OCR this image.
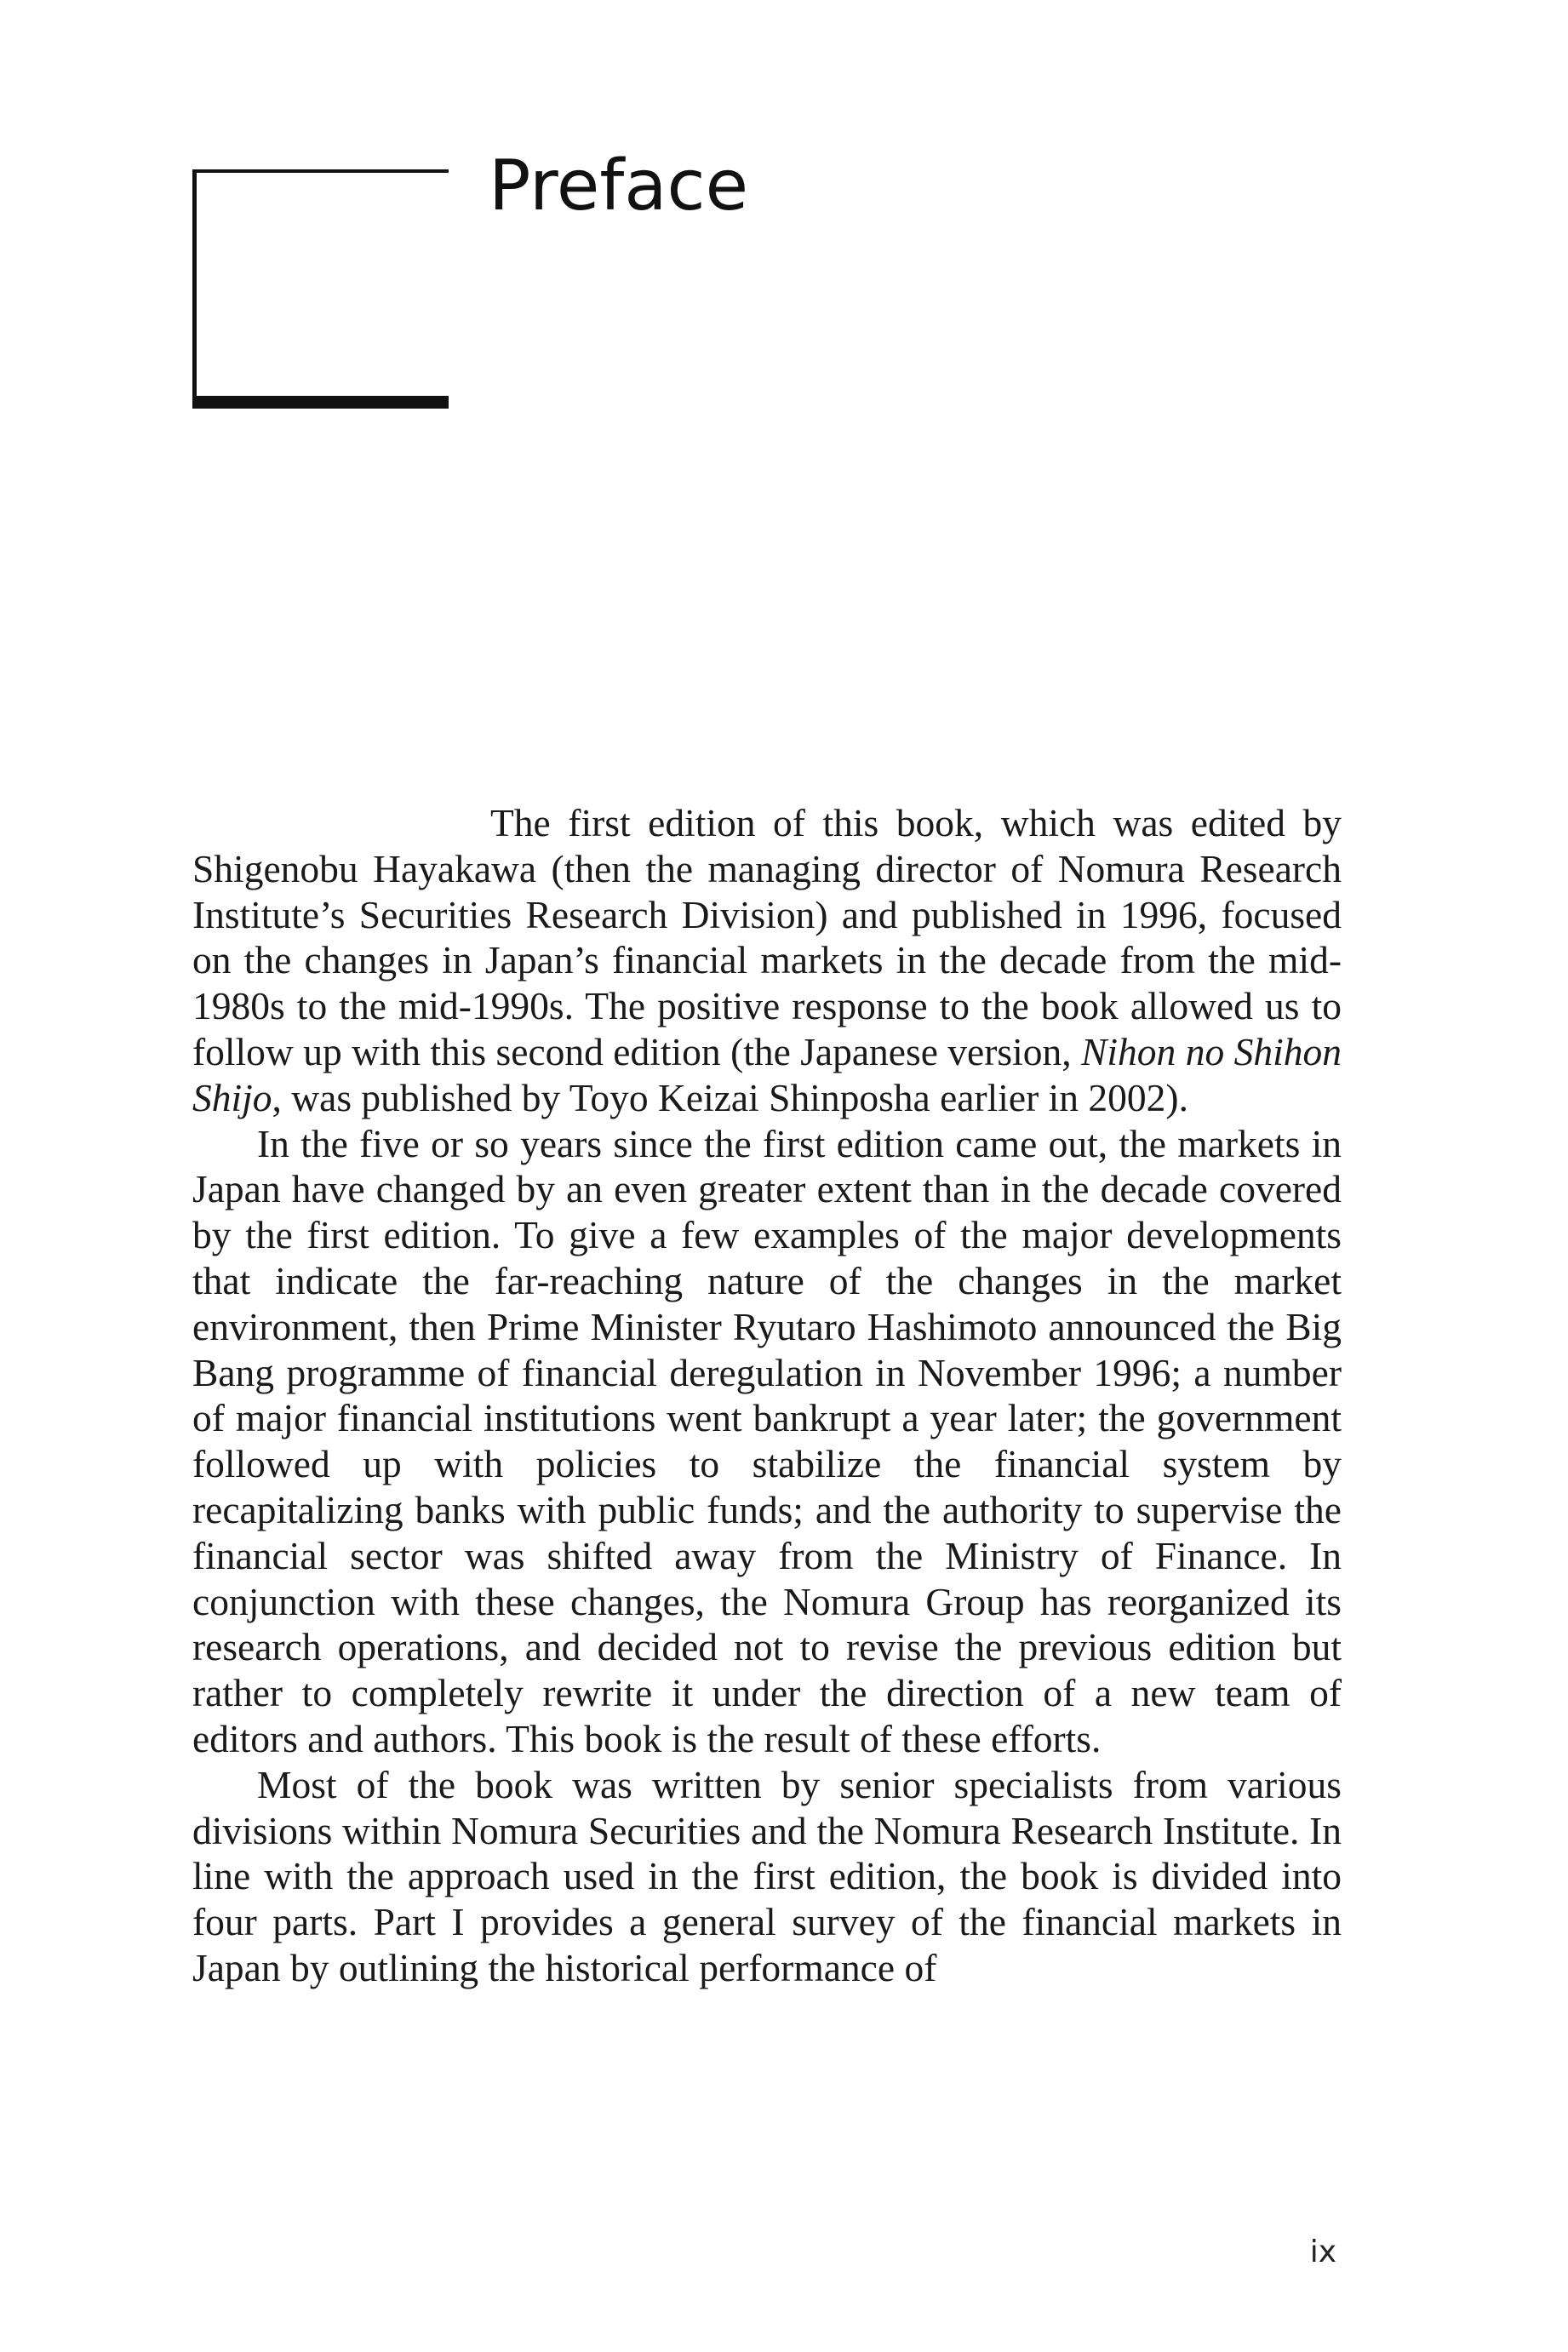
Preface

The first edition of this book, which was edited by Shigenobu Hayakawa (then the managing director of Nomura Research Institute’s Securities Research Division) and published in 1996, focused on the changes in Japan’s financial markets in the decade from the mid-1980s to the mid-1990s. The positive response to the book allowed us to follow up with this second edition (the Japanese version, Nihon no Shihon Shijo, was published by Toyo Keizai Shinposha earlier in 2002).

In the five or so years since the first edition came out, the markets in Japan have changed by an even greater extent than in the decade covered by the first edition. To give a few examples of the major developments that indicate the far-reaching nature of the changes in the market environment, then Prime Minister Ryutaro Hashimoto announced the Big Bang programme of financial deregulation in November 1996; a number of major financial institutions went bankrupt a year later; the government followed up with policies to stabilize the financial system by recapitalizing banks with public funds; and the authority to supervise the financial sector was shifted away from the Ministry of Finance. In conjunction with these changes, the Nomura Group has reorganized its research operations, and decided not to revise the previous edition but rather to completely rewrite it under the direction of a new team of editors and authors. This book is the result of these efforts.

Most of the book was written by senior specialists from various divisions within Nomura Securities and the Nomura Research Institute. In line with the approach used in the first edition, the book is divided into four parts. Part I provides a general survey of the financial markets in Japan by outlining the historical performance of

ix
